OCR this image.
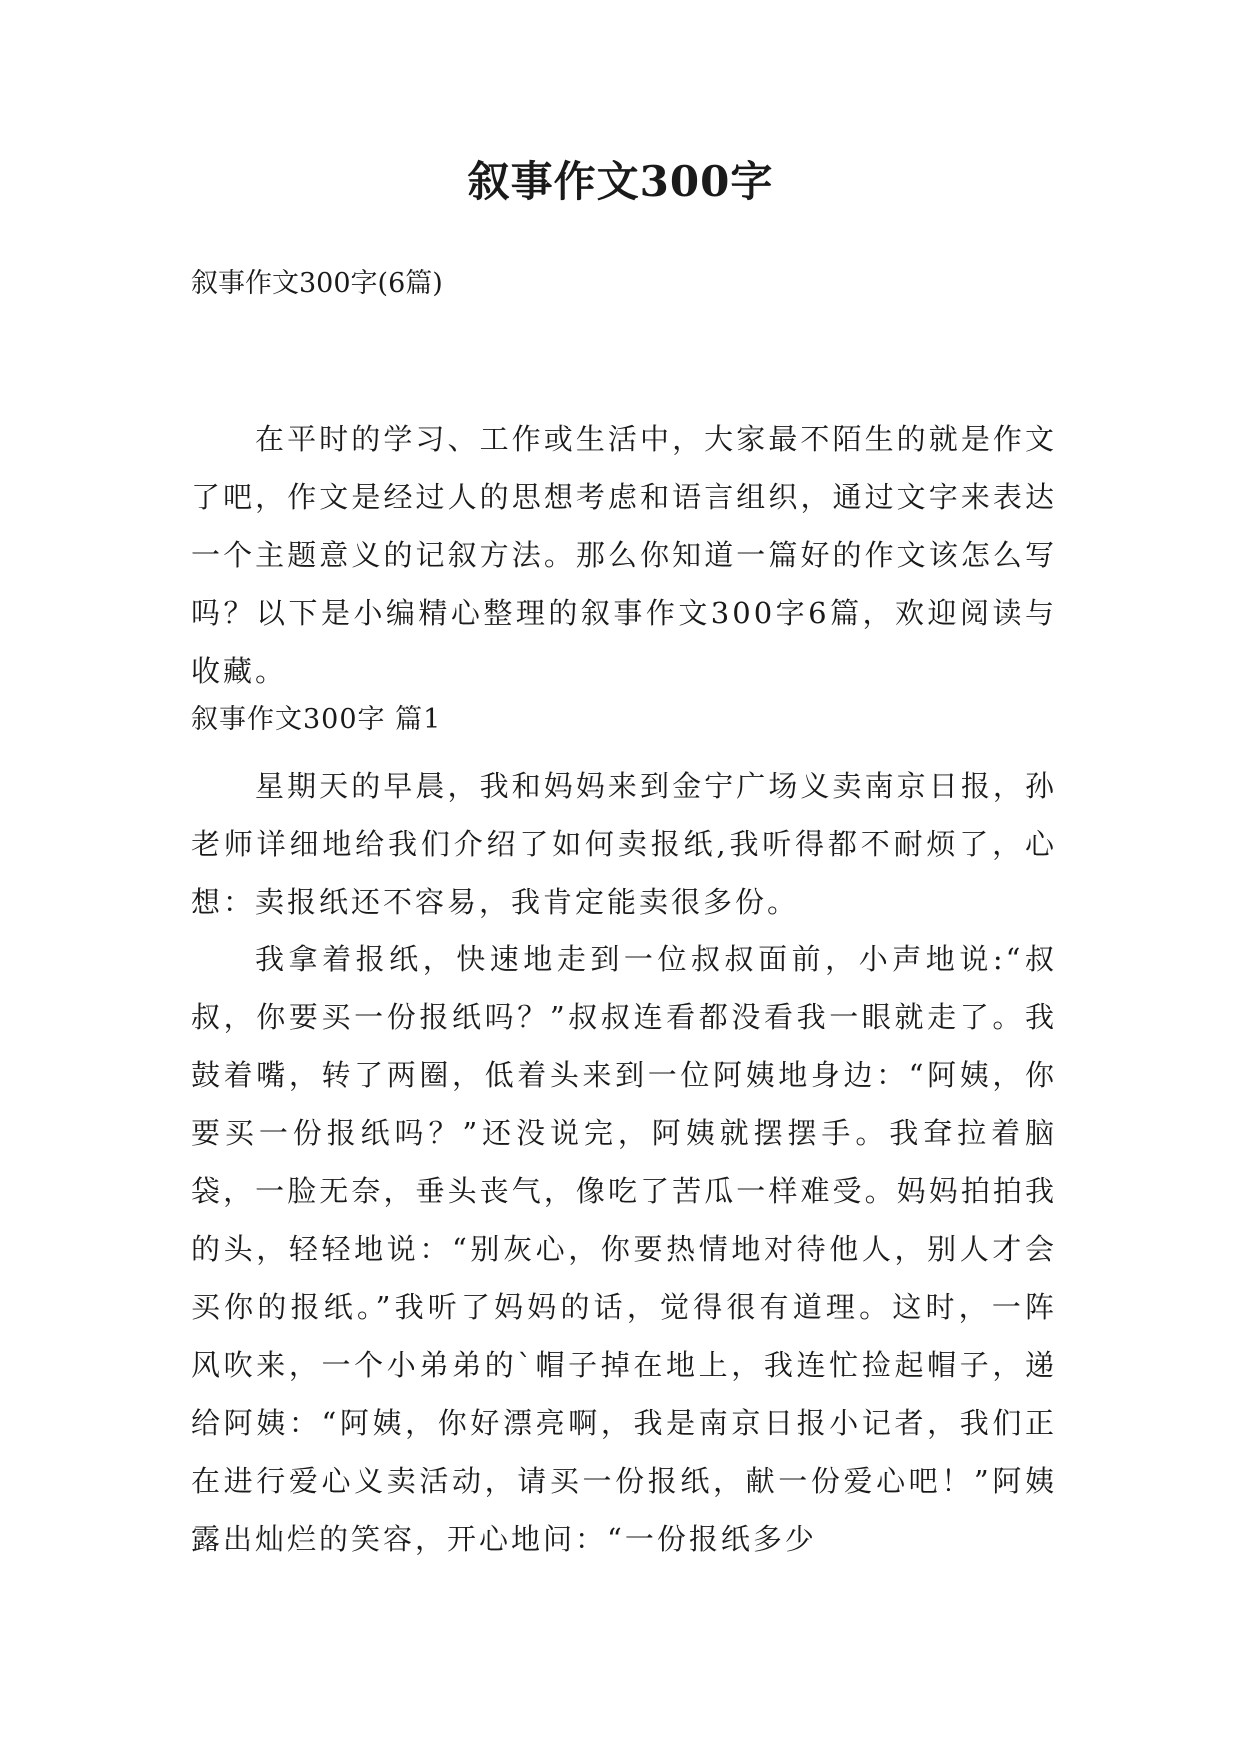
叙事作文300字

叙事作文300字(6篇)

在平时的学习、工作或生活中，大家最不陌生的就是作文了吧，作文是经过人的思想考虑和语言组织，通过文字来表达一个主题意义的记叙方法。那么你知道一篇好的作文该怎么写吗？以下是小编精心整理的叙事作文300字6篇，欢迎阅读与收藏。

叙事作文300字 篇1

星期天的早晨，我和妈妈来到金宁广场义卖南京日报，孙老师详细地给我们介绍了如何卖报纸,我听得都不耐烦了，心想：卖报纸还不容易，我肯定能卖很多份。

我拿着报纸，快速地走到一位叔叔面前，小声地说:“叔叔，你要买一份报纸吗？”叔叔连看都没看我一眼就走了。我鼓着嘴，转了两圈，低着头来到一位阿姨地身边：“阿姨，你要买一份报纸吗？”还没说完，阿姨就摆摆手。我耷拉着脑袋，一脸无奈，垂头丧气，像吃了苦瓜一样难受。妈妈拍拍我的头，轻轻地说：“别灰心，你要热情地对待他人，别人才会买你的报纸。”我听了妈妈的话，觉得很有道理。这时，一阵风吹来，一个小弟弟的`帽子掉在地上，我连忙捡起帽子，递给阿姨：“阿姨，你好漂亮啊，我是南京日报小记者，我们正在进行爱心义卖活动，请买一份报纸，献一份爱心吧！”阿姨露出灿烂的笑容，开心地问：“一份报纸多少
